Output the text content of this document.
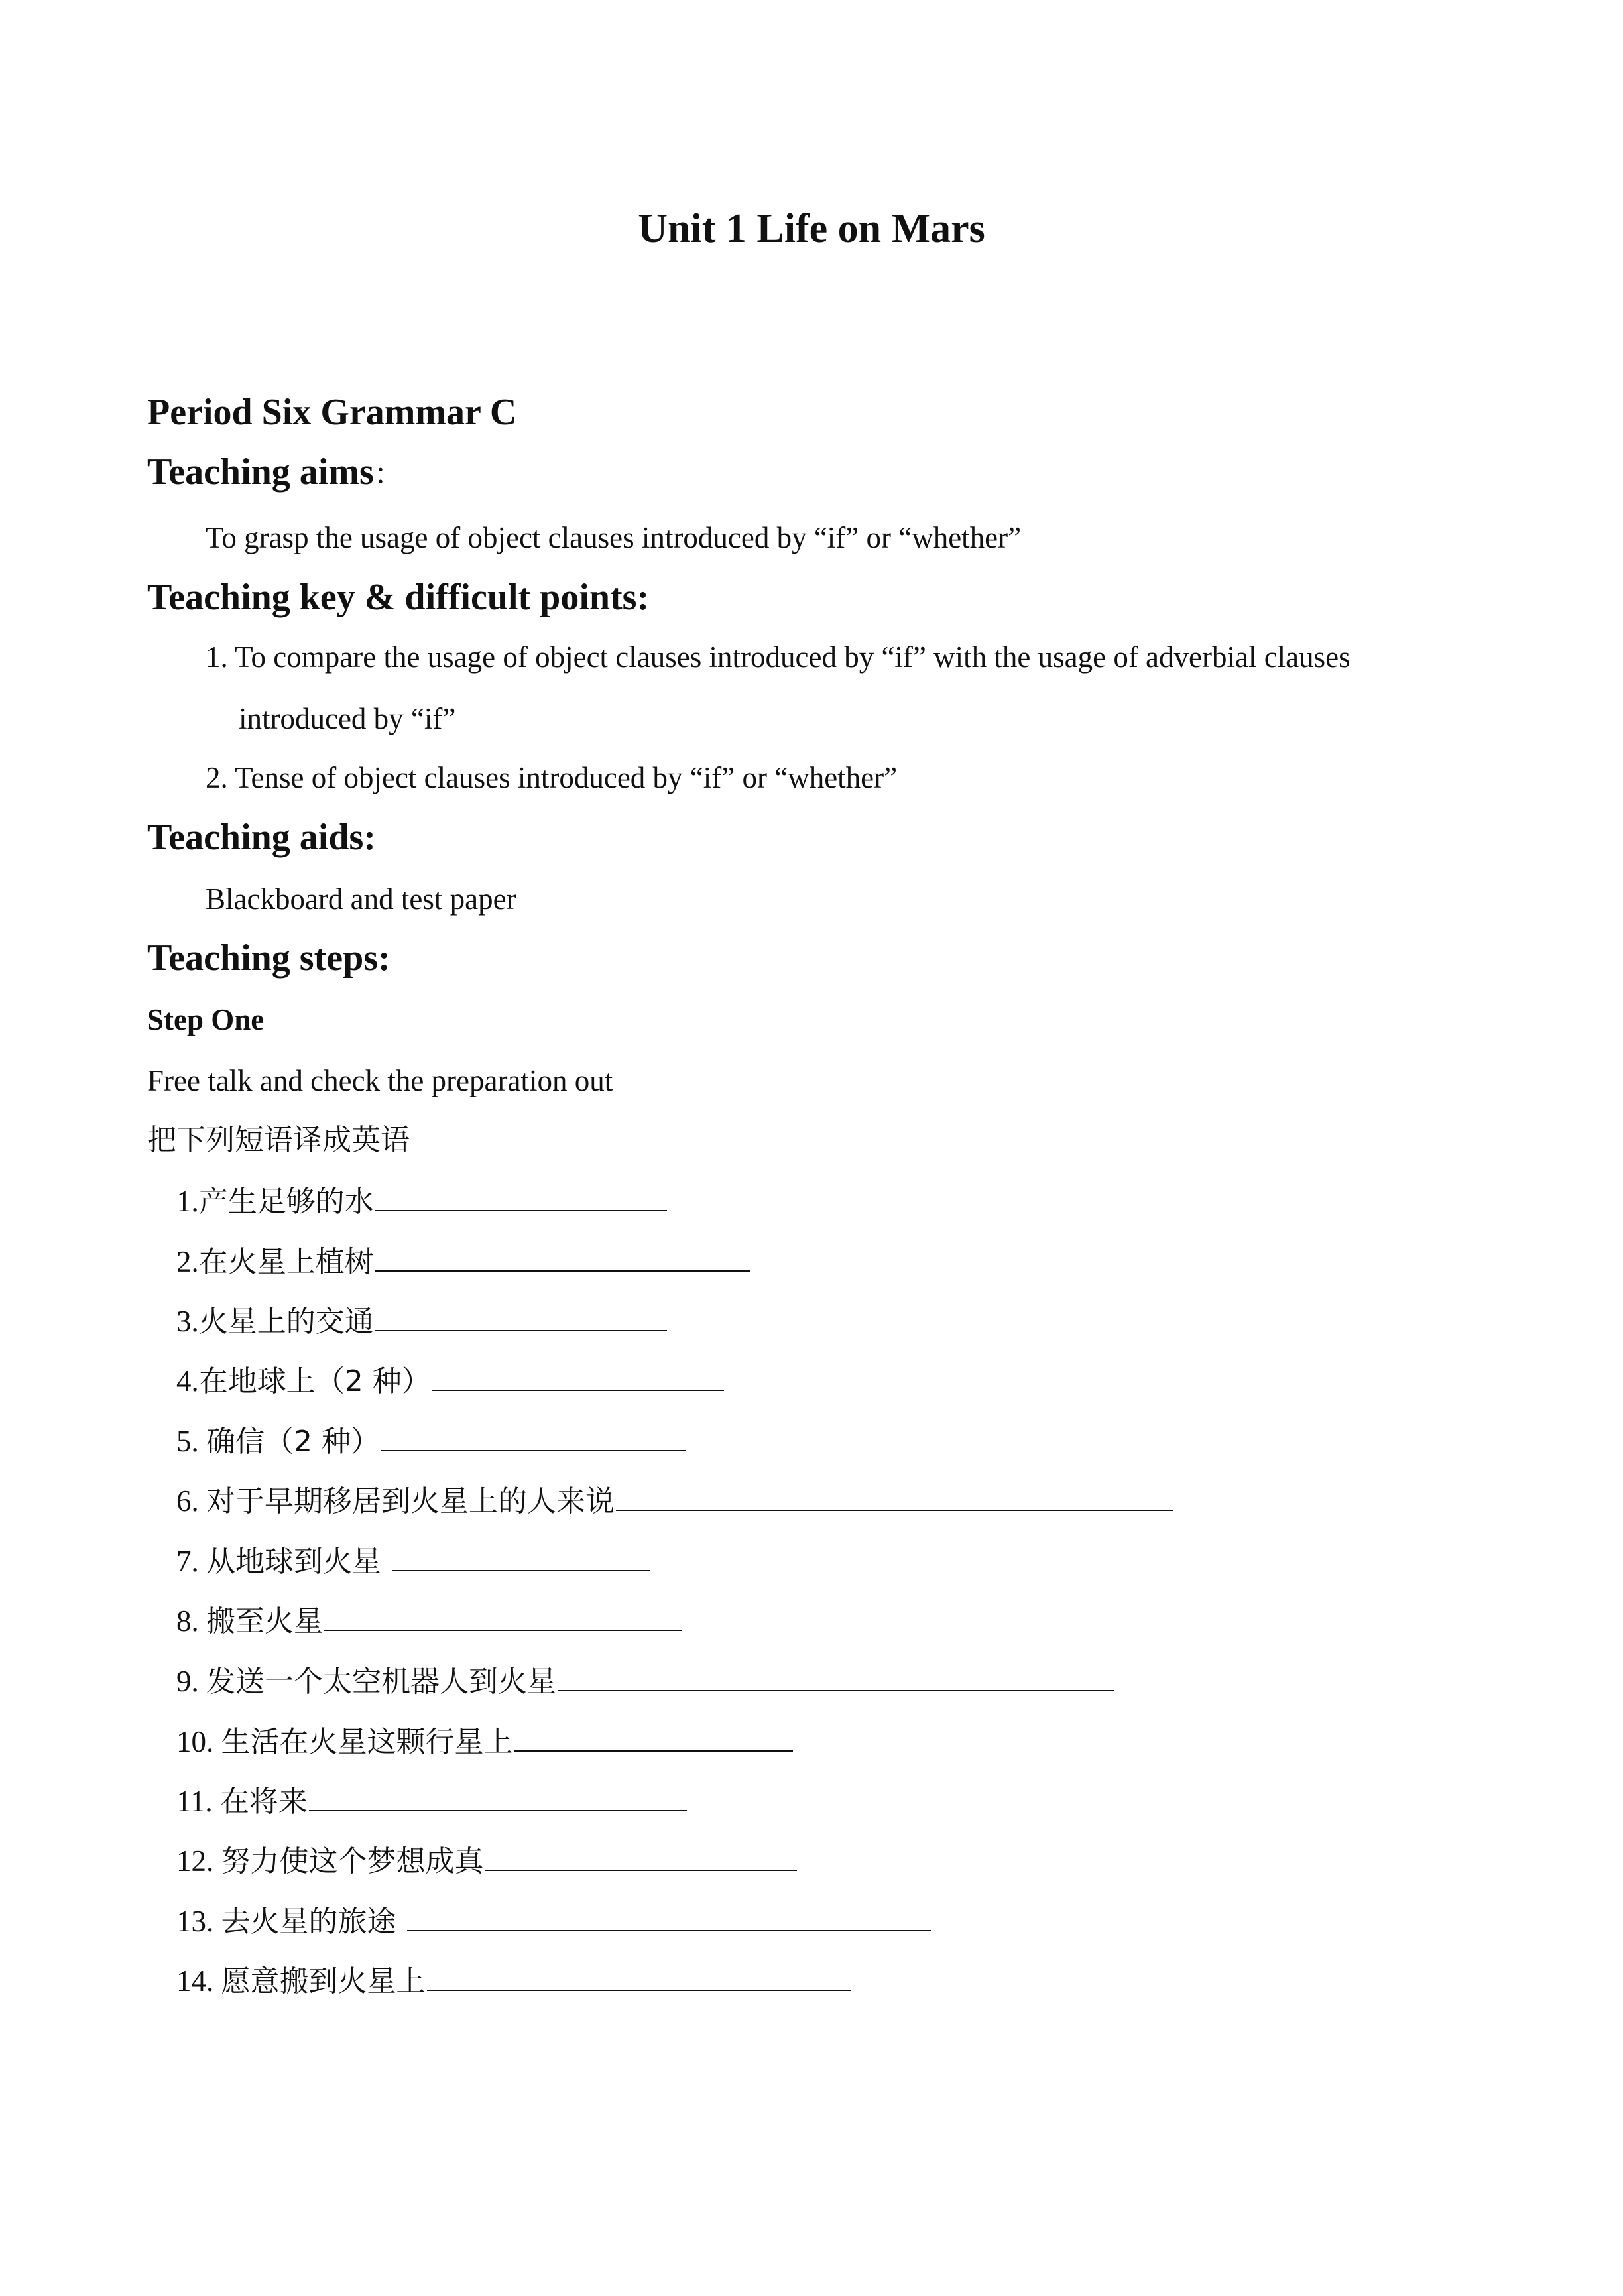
Unit 1 Life on Mars
Period Six Grammar C
Teaching aims：
To grasp the usage of object clauses introduced by “if” or “whether”
Teaching key & difficult points:
1. To compare the usage of object clauses introduced by “if” with the usage of adverbial clauses
introduced by “if”
2. Tense of object clauses introduced by “if” or “whether”
Teaching aids:
Blackboard and test paper
Teaching steps:
Step One
Free talk and check the preparation out
把下列短语译成英语
1.产生足够的水
2.在火星上植树
3.火星上的交通
4.在地球上（2 种）
5. 确信（2 种）
6. 对于早期移居到火星上的人来说
7. 从地球到火星
8. 搬至火星
9. 发送一个太空机器人到火星
10. 生活在火星这颗行星上
11. 在将来
12. 努力使这个梦想成真
13. 去火星的旅途
14. 愿意搬到火星上
